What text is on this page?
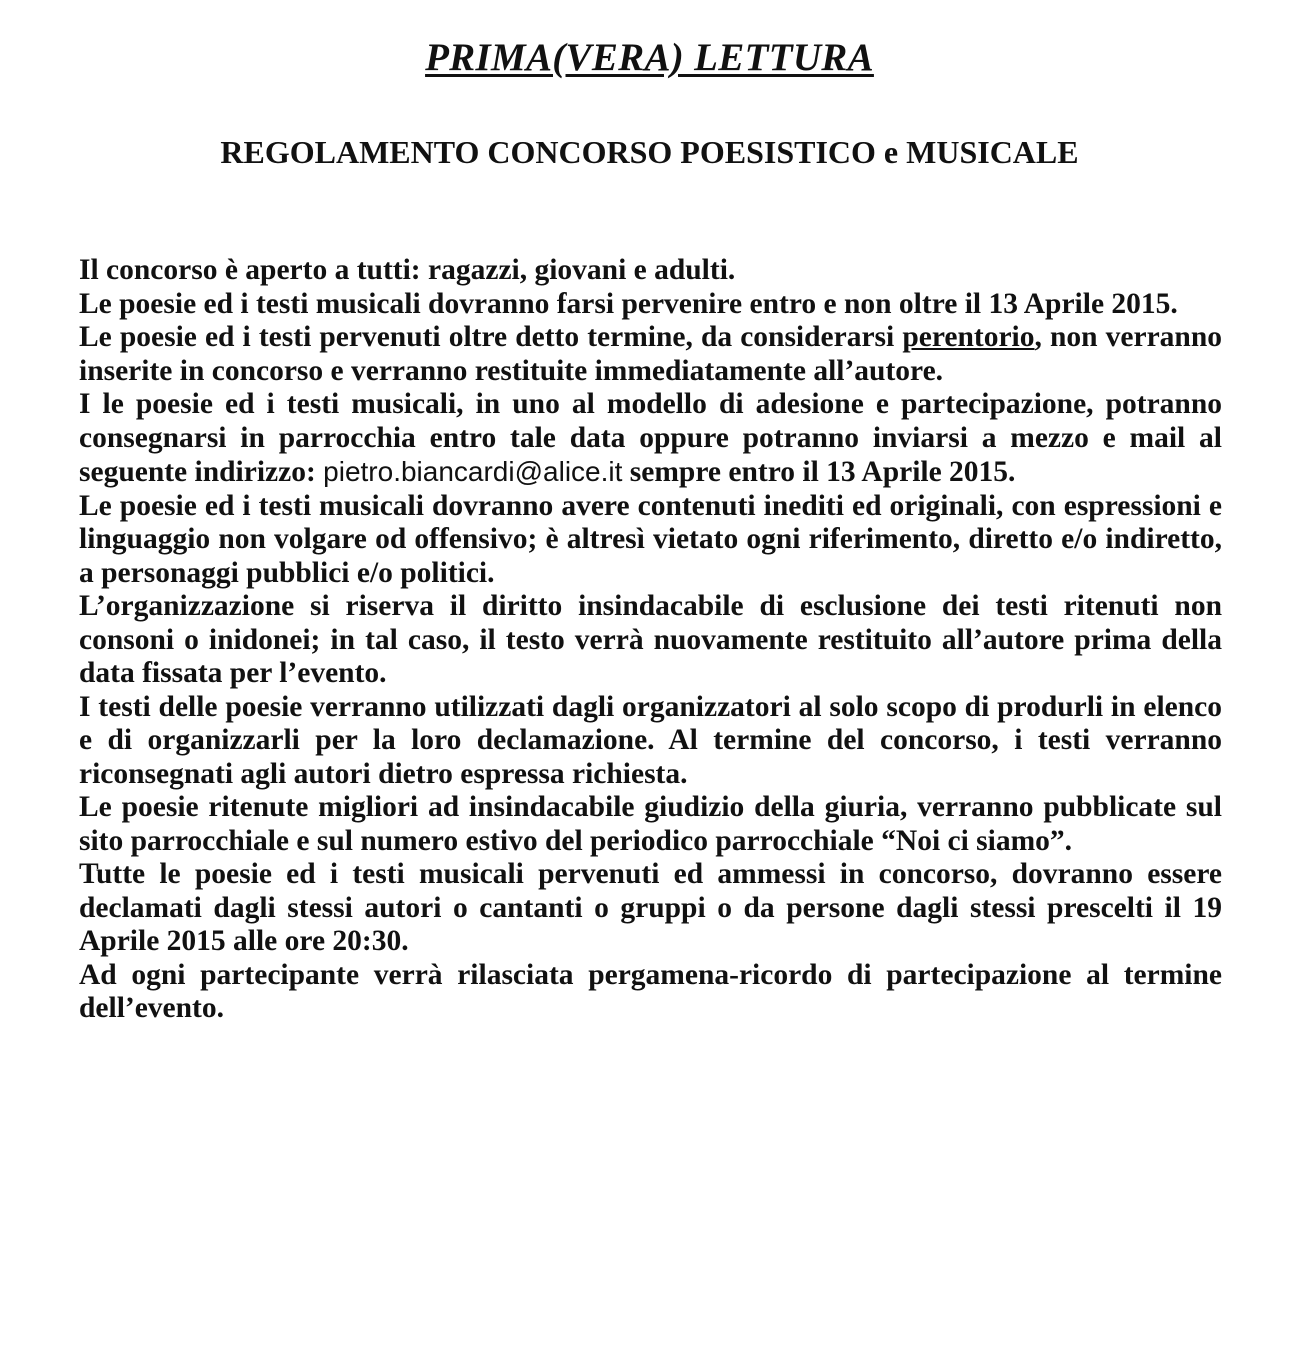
PRIMA(VERA) LETTURA
REGOLAMENTO CONCORSO POESISTICO e MUSICALE

Il concorso è aperto a tutti: ragazzi, giovani e adulti.

Le poesie ed i testi musicali dovranno farsi pervenire entro e non oltre il 13 Aprile 2015.

Le poesie ed i testi pervenuti oltre detto termine, da considerarsi perentorio, non verranno inserite in concorso e verranno restituite immediatamente all’autore.

I le poesie ed i testi musicali, in uno al modello di adesione e partecipazione, potranno consegnarsi in parrocchia entro tale data oppure potranno inviarsi a mezzo e mail al seguente indirizzo: pietro.biancardi@alice.it sempre entro il 13 Aprile 2015.

Le poesie ed i testi musicali dovranno avere contenuti inediti ed originali, con espressioni e linguaggio non volgare od offensivo; è altresì vietato ogni riferimento, diretto e/o indiretto, a personaggi pubblici e/o politici.

L’organizzazione si riserva il diritto insindacabile di esclusione dei testi ritenuti non consoni o inidonei; in tal caso, il testo verrà nuovamente restituito all’autore prima della data fissata per l’evento.

I testi delle poesie verranno utilizzati dagli organizzatori al solo scopo di produrli in elenco e di organizzarli per la loro declamazione. Al termine del concorso, i testi verranno riconsegnati agli autori dietro espressa richiesta.

Le poesie ritenute migliori ad insindacabile giudizio della giuria, verranno pubblicate sul sito parrocchiale e sul numero estivo del periodico parrocchiale “Noi ci siamo”.

Tutte le poesie ed i testi musicali pervenuti ed ammessi in concorso, dovranno essere declamati dagli stessi autori o cantanti o gruppi o da persone dagli stessi prescelti il 19 Aprile 2015 alle ore 20:30.

Ad ogni partecipante verrà rilasciata pergamena-ricordo di partecipazione al termine dell’evento.
